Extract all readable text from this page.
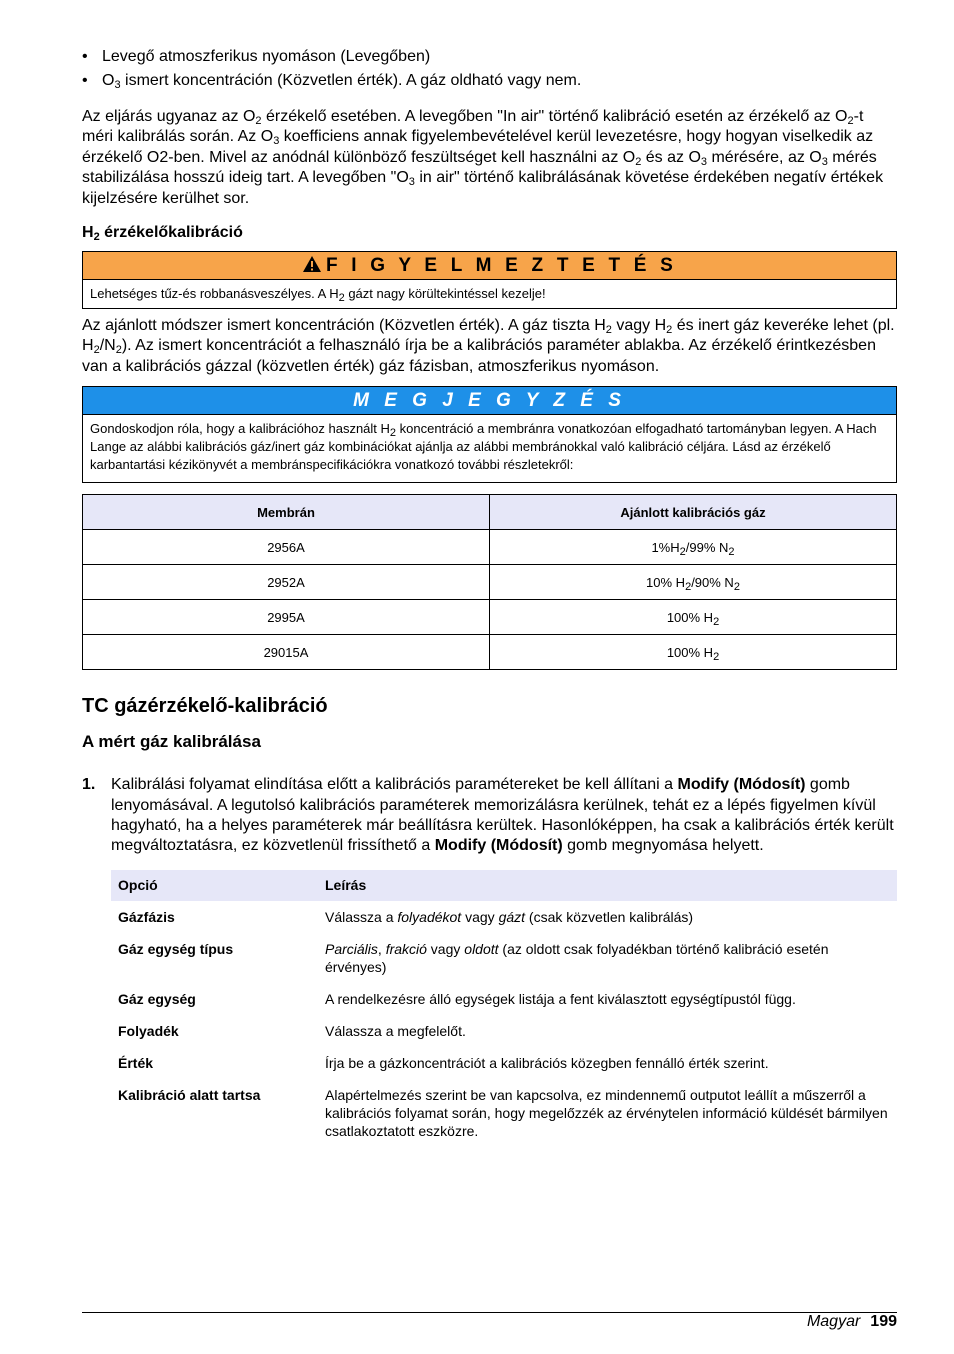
• Levegő atmoszferikus nyomáson (Levegőben)
• $O_3$ ismert koncentráción (Közvetlen érték). A gáz oldható vagy nem.

Az eljárás ugyanaz az $O_2$ érzékelő esetében. A levegőben "In air" történő kalibráció esetén az érzékelő az $O_2-t$ méri kalibrálás során. Az $O_3$ koefficiens annak figyelembevételével kerül levezetésre, hogy hogyan viselkedik az érzékelő O2-ben. Mivel az anódnál különböző feszültséget kell használni az $O_2$ és az $O_3$ mérésére, az $O_3$ mérés stabilizálása hosszú ideig tart. A levegőben "$O_3$ in air" történő kalibrálásának követése érdekében negatív értékek kijelzésére kerülhet sor.

$H_2$ érzékelőkalibráció
F I G Y E L M E Z T E T É S
Lehetséges tűz-és robbanásveszélyes. A $H_2$ gázt nagy körültekintéssel kezelje!

Az ajánlott módszer ismert koncentráción (Közvetlen érték). A gáz tiszta $H_2$ vagy $H_2$ és inert gáz keveréke lehet (pl. $H_2/N_2$). Az ismert koncentrációt a felhasználó írja be a kalibrációs paraméter ablakba. Az érzékelő érintkezésben van a kalibrációs gázzal (közvetlen érték) gáz fázisban, atmoszferikus nyomáson.

M E G J E G Y Z É S
Gondoskodjon róla, hogy a kalibrációhoz használt $H_2$ koncentráció a membránra vonatkozóan elfogadható tartományban legyen. A Hach Lange az alábbi kalibrációs gáz/inert gáz kombinációkat ajánlja az alábbi membránokkal való kalibráció céljára. Lásd az érzékelő karbantartási kézikönyvét a membránspecifikációkra vonatkozó további részletekről:
Membrán	Ajánlott kalibrációs gáz
2956A	$1\%H_2/99\%$ $N_2$
2952A	10% $H_2/90\%$ $N_2$
2995A	100% $H_2$
29015A	100% $H_2$
TC gázérzékelő-kalibráció
A mért gáz kalibrálása
1. Kalibrálási folyamat elindítása előtt a kalibrációs paramétereket be kell állítani a Modify (Módosít) gomb lenyomásával. A legutolsó kalibrációs paraméterek memorizálásra kerülnek, tehát ez a lépés figyelmen kívül hagyható, ha a helyes paraméterek már beállításra kerültek. Hasonlóképpen, ha csak a kalibrációs érték került megváltoztatásra, ez közvetlenül frissíthető a Modify (Módosít) gomb megnyomása helyett.
Opció	Leírás
Gázfázis	Válassza a folyadékot vagy gázt (csak közvetlen kalibrálás)
Gáz egység típus	Parciális, frakció vagy oldott (az oldott csak folyadékban történő kalibráció esetén érvényes)
Gáz egység	A rendelkezésre álló egységek listája a fent kiválasztott egységtípustól függ.
Folyadék	Válassza a megfelelőt.
Érték	Írja be a gázkoncentrációt a kalibrációs közegben fennálló érték szerint.
Kalibráció alatt tartsa	Alapértelmezés szerint be van kapcsolva, ez mindennemű outputot leállít a műszerről a kalibrációs folyamat során, hogy megelőzzék az érvénytelen információ küldését bármilyen csatlakoztatott eszközre.
Magyar 199
